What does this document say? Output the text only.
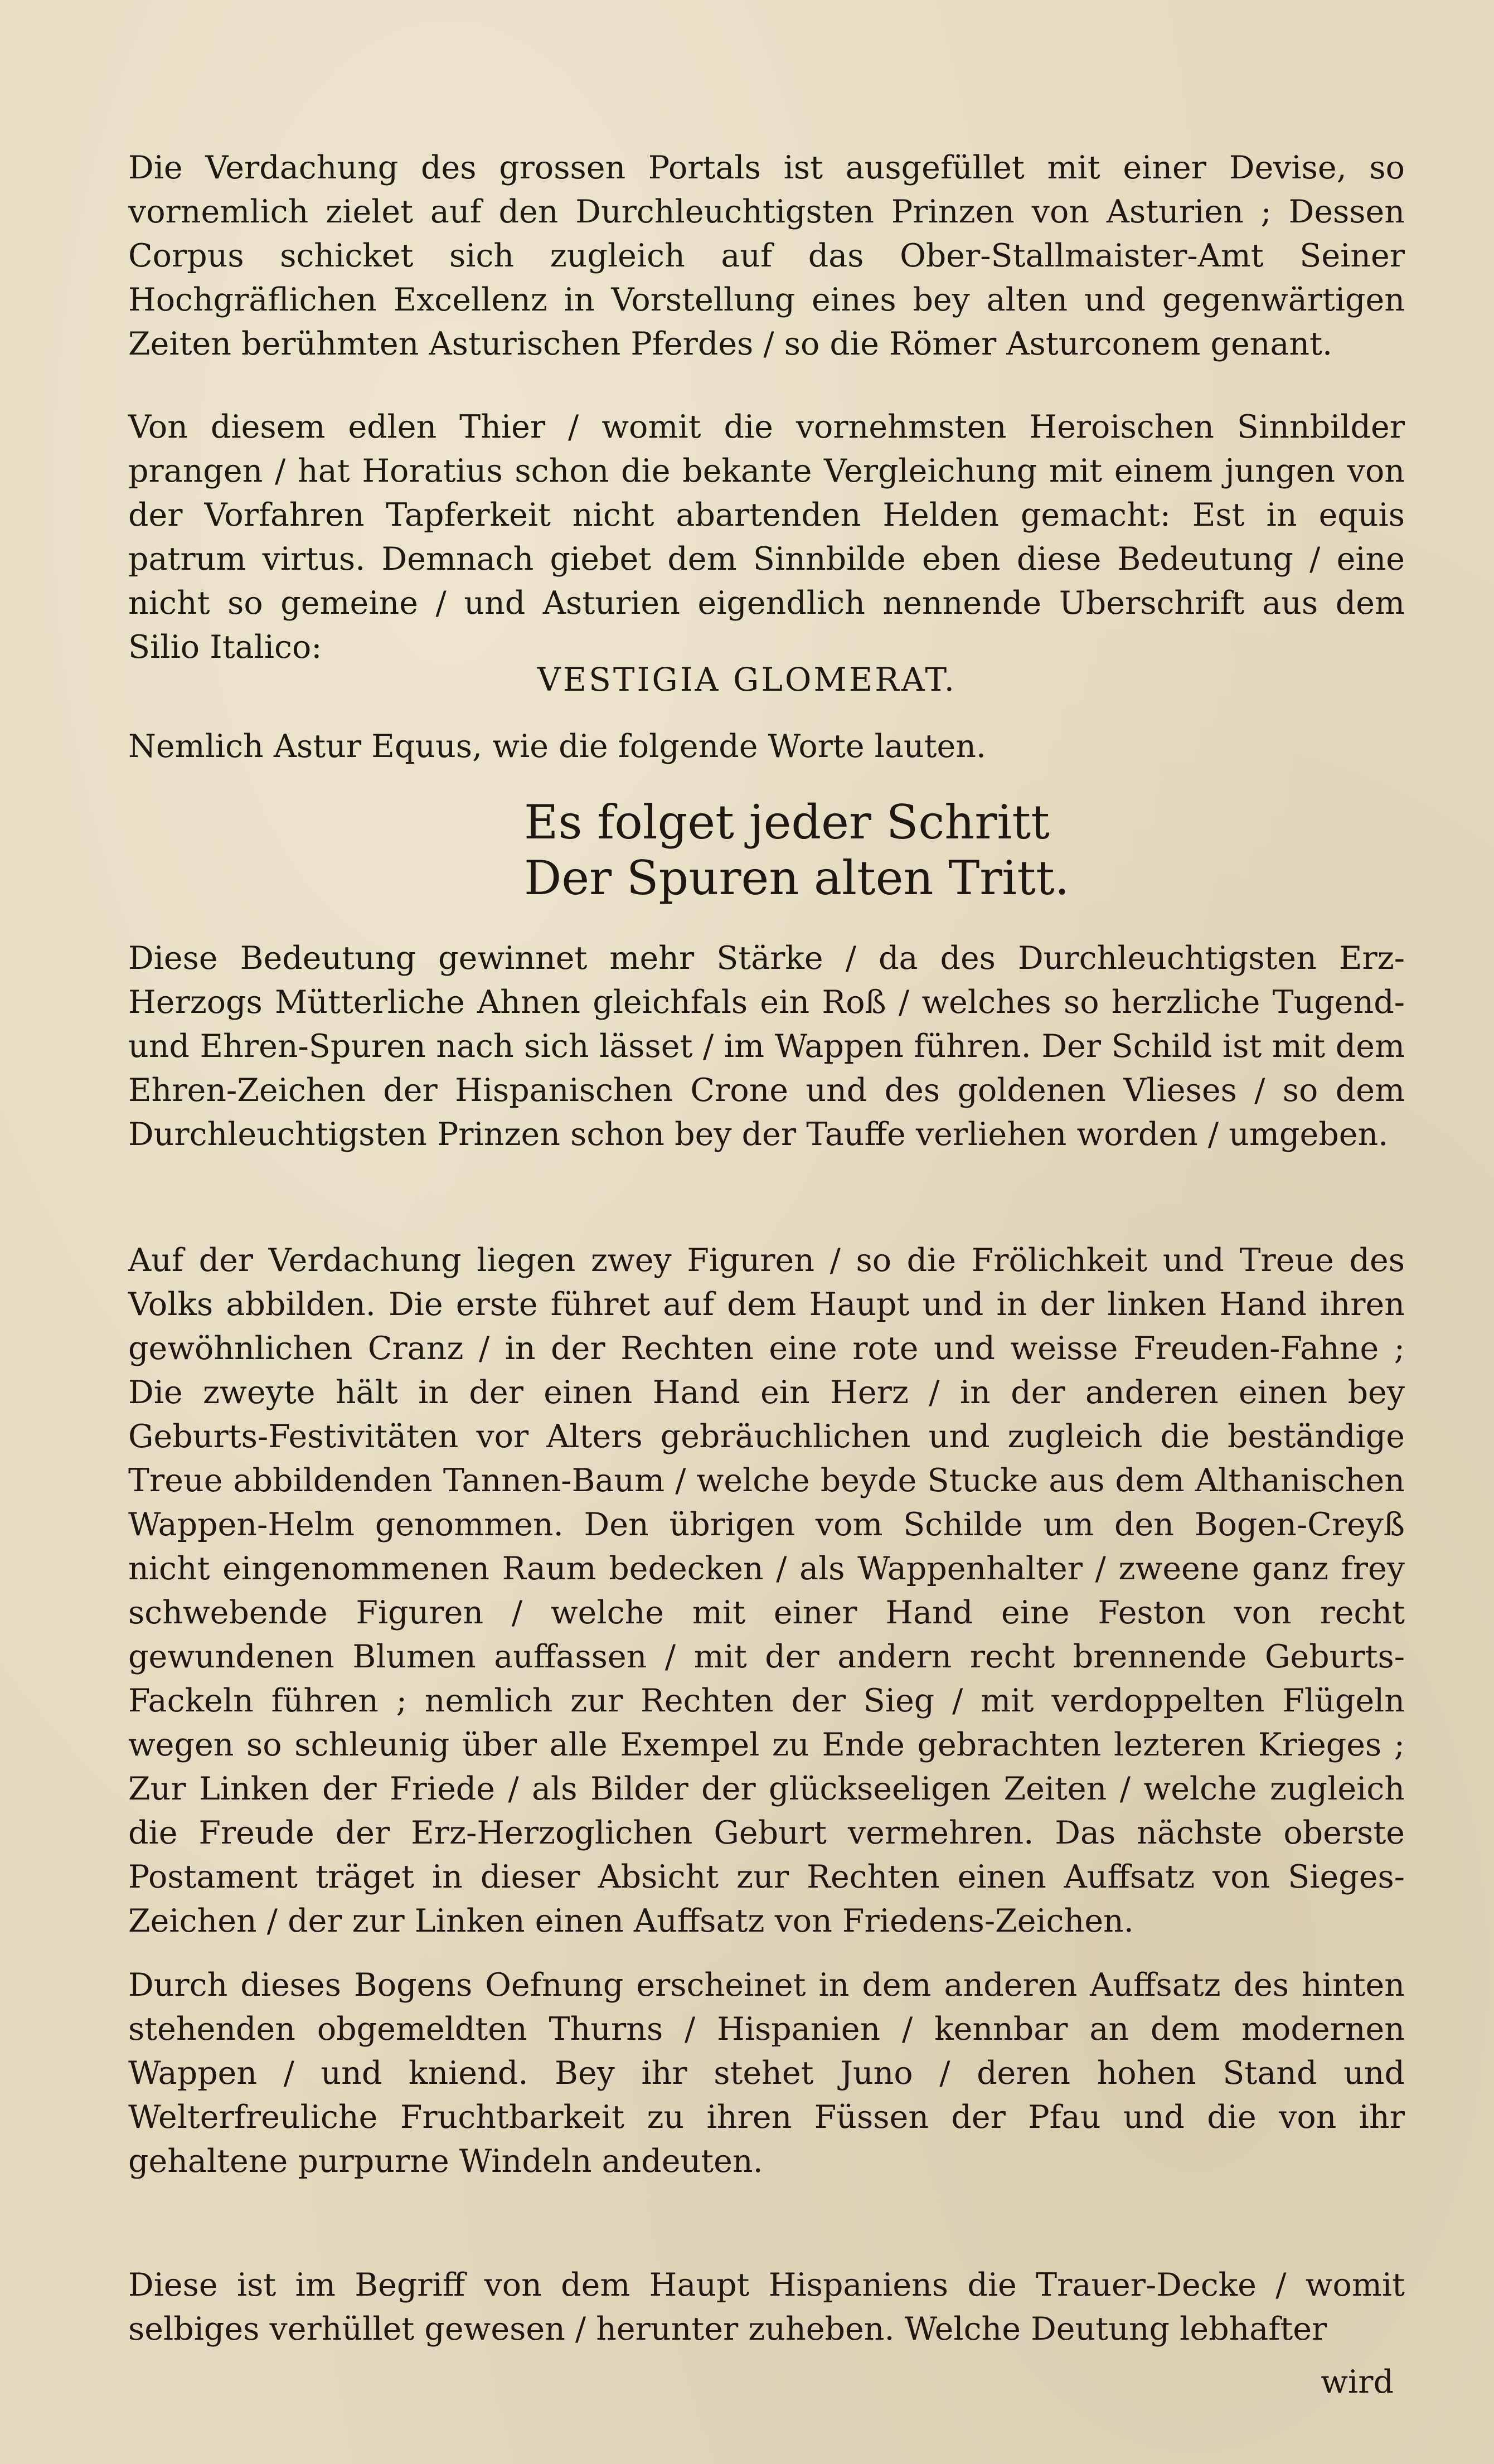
Die Verdachung des grossen Portals ist ausgefüllet mit einer Devise, so vornemlich zielet auf den Durchleuchtigsten Prinzen von Asturien ; Dessen Corpus schicket sich zugleich auf das Ober-Stallmaister-Amt Seiner Hochgräflichen Excellenz in Vorstellung eines bey alten und gegenwärtigen Zeiten berühmten Asturischen Pferdes / so die Römer Asturconem genant.

Von diesem edlen Thier / womit die vornehmsten Heroischen Sinnbilder prangen / hat Horatius schon die bekante Vergleichung mit einem jungen von der Vorfahren Tapferkeit nicht abartenden Helden gemacht: Est in equis patrum virtus. Demnach giebet dem Sinnbilde eben diese Bedeutung / eine nicht so gemeine / und Asturien eigendlich nennende Uberschrift aus dem Silio Italico:

VESTIGIA GLOMERAT.

Nemlich Astur Equus, wie die folgende Worte lauten.

Es folget jeder Schritt
Der Spuren alten Tritt.

Diese Bedeutung gewinnet mehr Stärke / da des Durchleuchtigsten Erz-Herzogs Mütterliche Ahnen gleichfals ein Roß / welches so herzliche Tugend- und Ehren-Spuren nach sich lässet / im Wappen führen. Der Schild ist mit dem Ehren-Zeichen der Hispanischen Crone und des goldenen Vlieses / so dem Durchleuchtigsten Prinzen schon bey der Tauffe verliehen worden / umgeben.

Auf der Verdachung liegen zwey Figuren / so die Frölichkeit und Treue des Volks abbilden. Die erste führet auf dem Haupt und in der linken Hand ihren gewöhnlichen Cranz / in der Rechten eine rote und weisse Freuden-Fahne ; Die zweyte hält in der einen Hand ein Herz / in der anderen einen bey Geburts-Festivitäten vor Alters gebräuchlichen und zugleich die beständige Treue abbildenden Tannen-Baum / welche beyde Stucke aus dem Althanischen Wappen-Helm genommen. Den übrigen vom Schilde um den Bogen-Creyß nicht eingenommenen Raum bedecken / als Wappenhalter / zweene ganz frey schwebende Figuren / welche mit einer Hand eine Feston von recht gewundenen Blumen auffassen / mit der andern recht brennende Geburts-Fackeln führen ; nemlich zur Rechten der Sieg / mit verdoppelten Flügeln wegen so schleunig über alle Exempel zu Ende gebrachten lezteren Krieges ; Zur Linken der Friede / als Bilder der glückseeligen Zeiten / welche zugleich die Freude der Erz-Herzoglichen Geburt vermehren. Das nächste oberste Postament träget in dieser Absicht zur Rechten einen Auffsatz von Sieges-Zeichen / der zur Linken einen Auffsatz von Friedens-Zeichen.

Durch dieses Bogens Oefnung erscheinet in dem anderen Auffsatz des hinten stehenden obgemeldten Thurns / Hispanien / kennbar an dem modernen Wappen / und kniend. Bey ihr stehet Juno / deren hohen Stand und Welterfreuliche Fruchtbarkeit zu ihren Füssen der Pfau und die von ihr gehaltene purpurne Windeln andeuten.

Diese ist im Begriff von dem Haupt Hispaniens die Trauer-Decke / womit selbiges verhüllet gewesen / herunter zuheben. Welche Deutung lebhafter

wird
